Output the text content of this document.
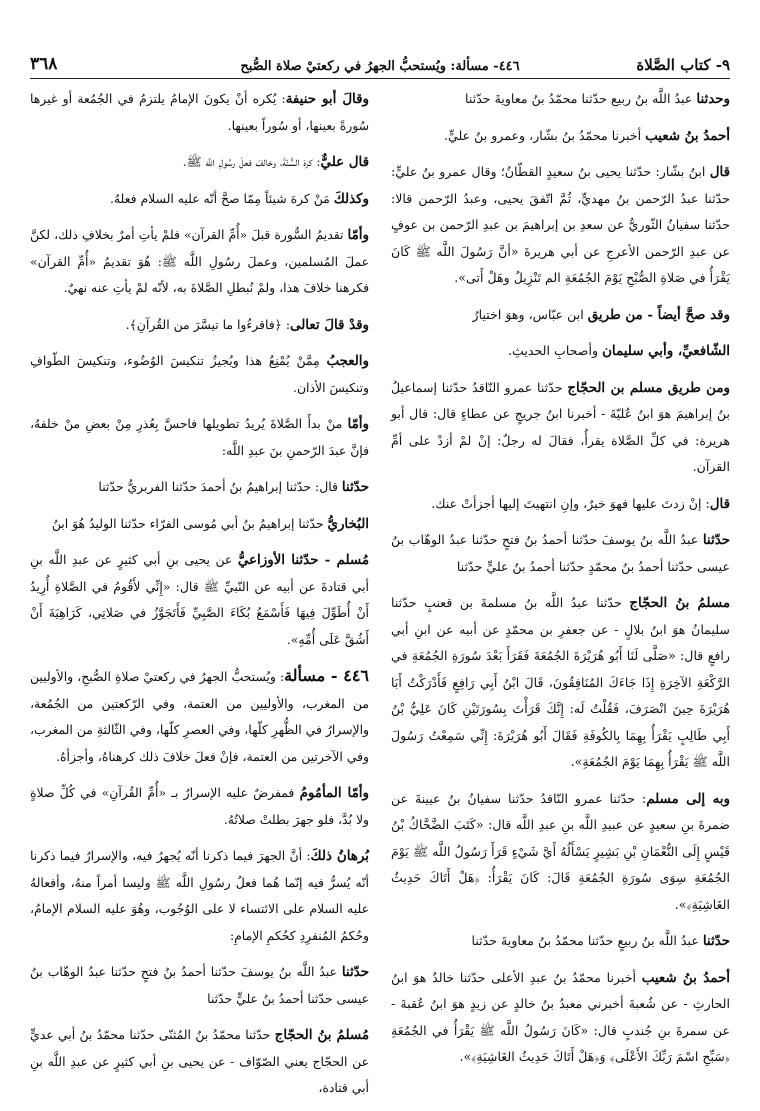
٩- كتاب الصَّلاة
٤٤٦- مسألة: ويُستحبُّ الجهرُ في ركعتيْ صلاة الصُّبح
٣٦٨

وحدثنا عبدُ اللَّه بنُ ربيع حدّثنا محمّدُ بنُ معاويةَ حدّثنا

أحمدُ بنُ شعيب أخبرنا محمّدُ بنُ بشّار، وعمرو بنُ عليٍّ.

قال ابنُ بشّار: حدّثنا يحيى بنُ سعيدٍ القطّانُ؛ وقال عمرو بنُ عليٍّ: حدّثنا عبدُ الرّحمن بنُ مهديٍّ، ثُمَّ اتّفقَ يحيى، وعبدُ الرّحمن قالا: حدّثنا سفيانُ الثّوريُّ عن سعدِ بن إبراهيمَ بن عبدِ الرّحمن بن عوفٍ عن عبدِ الرّحمن الأعرجِ عن أبي هريرةَ «أنَّ رَسُولَ اللَّه ﷺ كَانَ يَقْرَأُ في صَلاةِ الصُّبْحِ يَوْمَ الجُمُعَةِ الم تَنْزِيلُ وهَلْ أَتى».

وقد صحَّ أيضاً - من طريق ابن عبّاس، وهوَ اختيارُ

الشّافعيِّ، وأبي سليمان وأصحابِ الحديثِ.

ومن طريق مسلم بن الحجّاج حدّثنا عمرو النّاقدُ حدّثنا إسماعيلُ بنُ إبراهيمَ هوَ ابنُ عُليّةَ - أخبرنا ابنُ جريجٍ عن عطاءٍ قال: قال أبو هريرة: في كلِّ الصَّلاة يقرأُ، فقالَ له رجلٌ: إنْ لمْ أزدْ على أمِّ القرآن.

قال: إنْ زدتَ عليها فهوَ خيرٌ، وإنِ انتهيتَ إليها أجزأتْ عنك.

حدّثنا عبدُ اللَّه بنُ يوسفَ حدّثنا أحمدُ بنُ فتحٍ حدّثنا عبدُ الوهّاب بنُ عيسى حدّثنا أحمدُ بنُ محمّدٍ حدّثنا أحمدُ بنُ عليٍّ حدّثنا

مسلمُ بنُ الحجّاج حدّثنا عبدُ اللَّه بنُ مسلمةَ بن قعنبٍ حدّثنا سليمانُ هوَ ابنُ بلالٍ - عن جعفرِ بن محمّدٍ عن أبيه عن ابنِ أبي رافعٍ قال: «صَلَّى لَنَا أَبُو هُرَيْرَةَ الجُمُعَةَ فَقَرَأَ بَعْدَ سُورَةِ الجُمُعَةِ في الرَّكْعَةِ الآخِرَةِ إِذَا جَاءَكَ المُنَافِقُونَ، قَالَ ابْنُ أَبِي رَافِعٍ فَأَدْرَكْتُ أَبَا هُرَيْرَةَ حِينَ انْصَرَفَ، فَقُلْتُ لَه: إِنَّكَ قَرَأْتَ بِسُورَتَيْنِ كَانَ عَلِيُّ بْنُ أَبِي طَالِبٍ يَقْرَأُ بِهِمَا بِالكُوفَةِ فَقَالَ أَبُو هُرَيْرَةَ: إِنِّي سَمِعْتُ رَسُولَ اللَّه ﷺ يَقْرَأُ بِهِمَا يَوْمَ الجُمُعَةِ».

وبه إلى مسلم: حدّثنا عمرو النّاقدُ حدّثنا سفيانُ بنُ عيينةَ عن ضمرةَ بنِ سعيدٍ عن عبيدِ اللَّه بنِ عبدِ اللَّه قال: «كَتَبَ الضَّحَّاكُ بْنُ قَيْسٍ إِلَى النُّعْمَانِ بْنِ بَشِيرٍ يَسْأَلُهُ أَيَّ شَيْءٍ قَرَأَ رَسُولُ اللَّه ﷺ يَوْمَ الجُمُعَةِ سِوَى سُورَةِ الجُمُعَةِ قَالَ: كَانَ يَقْرَأُ: ﴿هَلْ أَتَاكَ حَدِيثُ الغَاشِيَةِ﴾».

حدّثنا عبدُ اللَّه بنُ ربيعٍ حدّثنا محمّدُ بنُ معاويةَ حدّثنا

أحمدُ بنُ شعيب أخبرنا محمّدُ بنُ عبدِ الأعلى حدّثنا خالدٌ هوَ ابنُ الحارثِ - عن شُعبةَ أخبرني معبدُ بنُ خالدٍ عن زيدٍ هوَ ابنُ عُقبةَ - عن سمرةَ بنِ جُندبٍ قال: «كَانَ رَسُولُ اللَّه ﷺ يَقْرَأُ في الجُمُعَةِ ﴿سَبِّحِ اسْمَ رَبِّكَ الأَعْلَى﴾ وَ﴿هَلْ أَتَاكَ حَدِيثُ الغَاشِيَةِ﴾».

وقالَ أبو حنيفة: يُكره أنْ يكونَ الإمامُ يلتزمُ في الجُمُعة أو غيرها سُورةً بعينها، أو سُوراً بعينها.

قال عليٌّ: كرهَ السُّنّةَ، وخالفَ فعلَ رسُولِ اللَّه ﷺ.

وكذلكَ مَنْ كرهَ شيئاً مِمّا صحَّ أنّه عليه السلام فعلهُ.

وأمّا تقديمُ السُّورة قبلَ «أُمِّ القرآن» فلمْ يأتِ أمرٌ بخلافِ ذلك، لكنَّ عملَ المُسلمين، وعملَ رسُولِ اللَّه ﷺ: هُوَ تقديمُ «أُمِّ القرآن» فكرهنا خلافَ هذا، ولمْ نُبطلِ الصَّلاةَ به، لأنّه لمْ يأتِ عنه نهيٌ.

وقدْ قالَ تعالى: ﴿فاقرءُوا ما تيسَّرَ من القُرآنِ﴾.

والعجبُ مِمَّنْ يُمْنِعُ هذا ويُجيزُ تنكيسَ الوُضُوء، وتنكيسَ الطّوافِ وتنكيسَ الأذان.

وأمّا منْ بدأَ الصَّلاةَ يُريدُ تطويلها فاحسَّ بِعُذرِ مِنْ بعضِ منْ خلفهُ، فإنَّ عبدَ الرّحمنِ بنَ عبدِ اللَّه:

حدّثنا قال: حدّثنا إبراهيمُ بنُ أحمدَ حدّثنا الفربريُّ حدّثنا

البُخاريُّ حدّثنا إبراهيمُ بنُ أبي مُوسى الفرّاء حدّثنا الوليدُ هُوَ ابنُ

مُسلم - حدّثنا الأوزاعيُّ عن يحيى بنِ أبي كثيرٍ عن عبدِ اللَّه بنِ أبي قتادةَ عن أبيه عن النّبيِّ ﷺ قال: «إِنِّي لأَقُومُ في الصَّلاةِ أُرِيدُ أَنْ أُطَوِّلَ فِيهَا فَأَسْمَعُ بُكَاءَ الصَّبِيِّ فَأَتَجَوَّزُ في صَلاتِي، كَرَاهِيَةَ أَنْ أَشُقَّ عَلَى أُمِّهِ».

٤٤٦ - مسألة: ويُستحبُّ الجهرُ في ركعتيْ صلاةِ الصُّبحِ، والأوليين من المغرب، والأوليين من العتمة، وفي الرّكعتين من الجُمُعة، والإسرارُ في الظُّهرِ كلّها، وفي العصرِ كلّها، وفي الثّالثةِ من المغرب، وفي الآخرتين من العتمة، فإنْ فعلَ خلافَ ذلك كرهناهُ، وأجزأهُ.

وأمّا المأمُومُ فمفرضٌ عليه الإسرارُ بـ «أُمِّ القُرآنِ» في كُلِّ صلاةٍ ولا بُدَّ، فلو جهرَ بطلتْ صلاتُهُ.

بُرهانُ ذلكَ: أنَّ الجهرَ فيما ذكرنا أنّه يُجهرُ فيه، والإسرارُ فيما ذكرنا أنّه يُسرُّ فيه إنّما هُما فعلُ رسُولِ اللَّه ﷺ وليسا أمراً منهُ، وأفعالهُ عليه السلام على الائتساء لا على الوُجُوب، وهُوَ عليه السلام الإمامُ، وحُكمُ المُنفرِدِ كحُكمِ الإمامِ:

حدّثنا عبدُ اللَّه بنُ يوسفَ حدّثنا أحمدُ بنُ فتحٍ حدّثنا عبدُ الوهّاب بنُ عيسى حدّثنا أحمدُ بنُ عليٍّ حدّثنا

مُسلمُ بنُ الحجّاج حدّثنا محمّدُ بنُ المُثنّى حدّثنا محمّدُ بنُ أبي عديٍّ عن الحجّاج يعني الصّوّاف - عن يحيى بنِ أبي كثيرٍ عن عبدِ اللَّه بنِ أبي قتادة،
